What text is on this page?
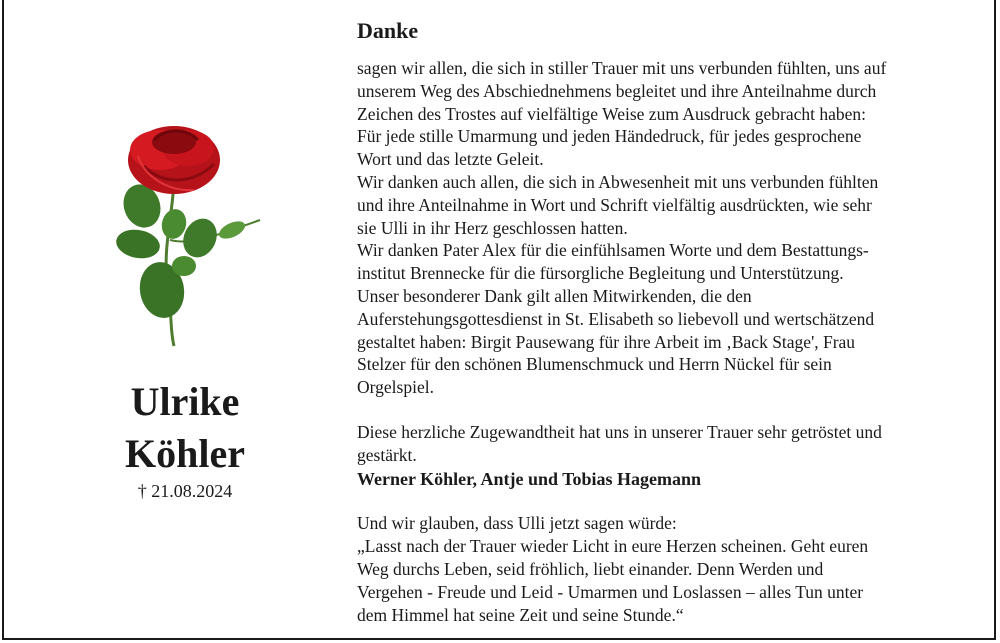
Ulrike
Köhler
† 21.08.2024
Danke

sagen wir allen, die sich in stiller Trauer mit uns verbunden fühlten, uns auf
unserem Weg des Abschiednehmens begleitet und ihre Anteilnahme durch
Zeichen des Trostes auf vielfältige Weise zum Ausdruck gebracht haben:
Für jede stille Umarmung und jeden Händedruck, für jedes gesprochene
Wort und das letzte Geleit.
Wir danken auch allen, die sich in Abwesenheit mit uns verbunden fühlten
und ihre Anteilnahme in Wort und Schrift vielfältig ausdrückten, wie sehr
sie Ulli in ihr Herz geschlossen hatten.
Wir danken Pater Alex für die einfühlsamen Worte und dem Bestattungs-
institut Brennecke für die fürsorgliche Begleitung und Unterstützung.
Unser besonderer Dank gilt allen Mitwirkenden, die den
Auferstehungsgottesdienst in St. Elisabeth so liebevoll und wertschätzend
gestaltet haben: Birgit Pausewang für ihre Arbeit im ‚Back Stage', Frau
Stelzer für den schönen Blumenschmuck und Herrn Nückel für sein
Orgelspiel.

Diese herzliche Zugewandtheit hat uns in unserer Trauer sehr getröstet und
gestärkt.

Werner Köhler, Antje und Tobias Hagemann

Und wir glauben, dass Ulli jetzt sagen würde:
„Lasst nach der Trauer wieder Licht in eure Herzen scheinen. Geht euren
Weg durchs Leben, seid fröhlich, liebt einander. Denn Werden und
Vergehen - Freude und Leid - Umarmen und Loslassen – alles Tun unter
dem Himmel hat seine Zeit und seine Stunde.“
